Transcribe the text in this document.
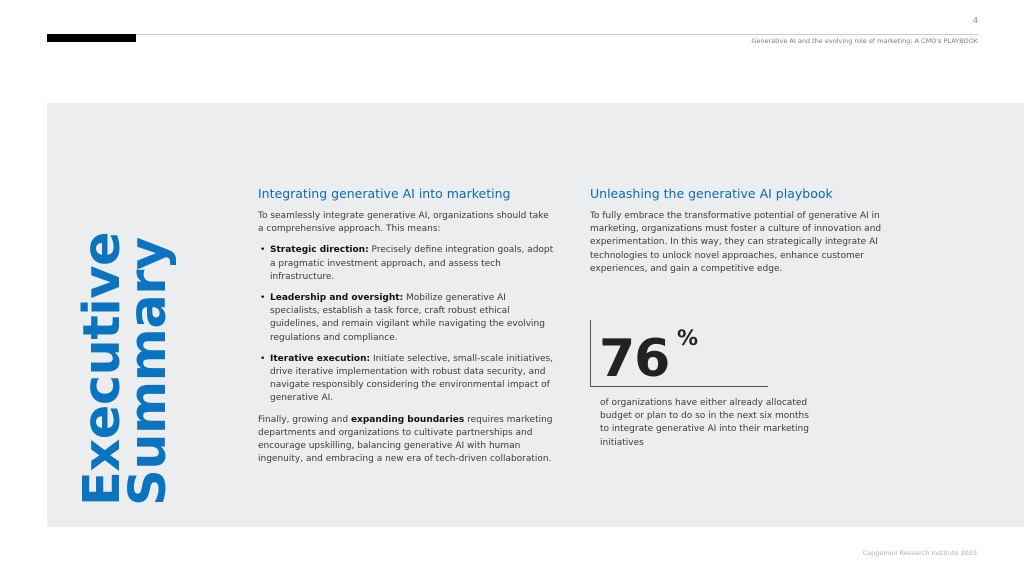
4
Generative AI and the evolving role of marketing: A CMO's PLAYBOOK
Executive
Summary
Integrating generative AI into marketing

To seamlessly integrate generative AI, organizations should take a comprehensive approach. This means:

• Strategic direction: Precisely define integration goals, adopt a pragmatic investment approach, and assess tech infrastructure.
• Leadership and oversight: Mobilize generative AI specialists, establish a task force, craft robust ethical guidelines, and remain vigilant while navigating the evolving regulations and compliance.
• Iterative execution: Initiate selective, small-scale initiatives, drive iterative implementation with robust data security, and navigate responsibly considering the environmental impact of generative AI.

Finally, growing and expanding boundaries requires marketing departments and organizations to cultivate partnerships and encourage upskilling, balancing generative AI with human ingenuity, and embracing a new era of tech-driven collaboration.

Unleashing the generative AI playbook

To fully embrace the transformative potential of generative AI in marketing, organizations must foster a culture of innovation and experimentation. In this way, they can strategically integrate AI technologies to unlock novel approaches, enhance customer experiences, and gain a competitive edge.

76 %
of organizations have either already allocated budget or plan to do so in the next six months to integrate generative AI into their marketing initiatives
Capgemini Research Institute 2023
